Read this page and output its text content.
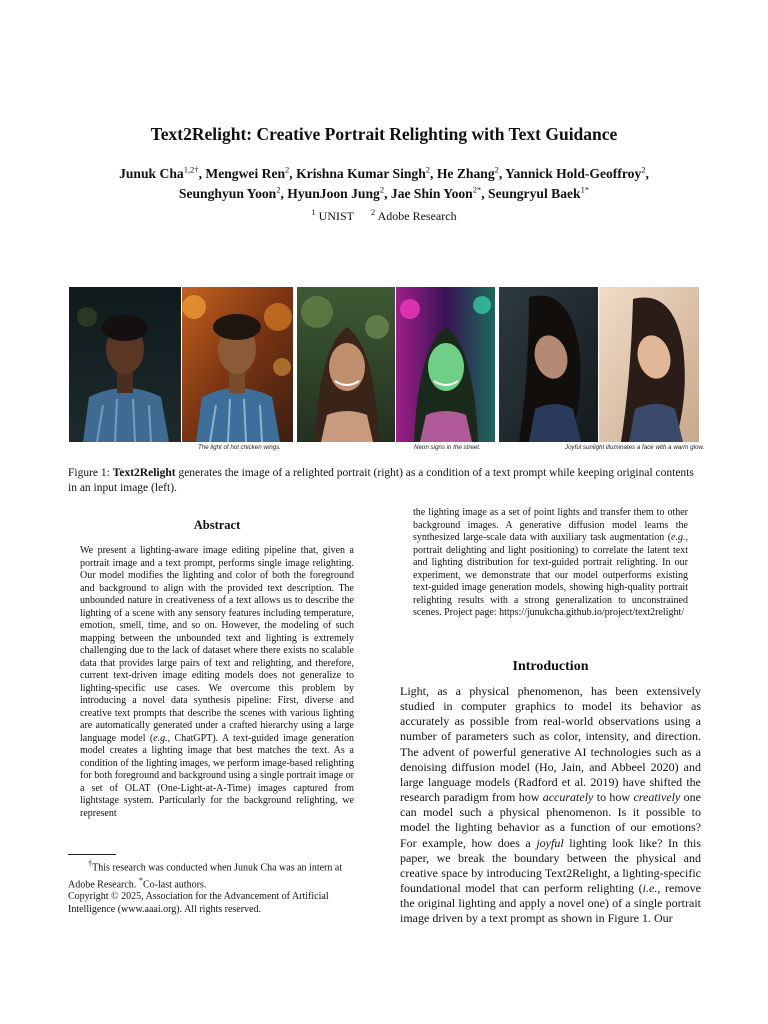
Text2Relight: Creative Portrait Relighting with Text Guidance
Junuk Cha$^{1,2\dagger}$, Mengwei Ren$^2$, Krishna Kumar Singh$^2$, He Zhang$^2$, Yannick Hold-Geoffroy$^2$,
Seunghyun Yoon$^2$, HyunJoon Jung$^2$, Jae Shin Yoon$^{2*}$, Seungryul Baek$^{1*}$
$^1$ UNIST $^2$ Adobe Research
The light of hot chicken wings.	Neon signs in the street.	Joyful sunlight illuminates a face with a warm glow.
Figure 1: Text2Relight generates the image of a relighted portrait (right) as a condition of a text prompt while keeping original contents in an input image (left).
Abstract
We present a lighting-aware image editing pipeline that, given a portrait image and a text prompt, performs single image relighting. Our model modifies the lighting and color of both the foreground and background to align with the provided text description. The unbounded nature in creativeness of a text allows us to describe the lighting of a scene with any sensory features including temperature, emotion, smell, time, and so on. However, the modeling of such mapping between the unbounded text and lighting is extremely challenging due to the lack of dataset where there exists no scalable data that provides large pairs of text and relighting, and therefore, current text-driven image editing models does not generalize to lighting-specific use cases. We overcome this problem by introducing a novel data synthesis pipeline: First, diverse and creative text prompts that describe the scenes with various lighting are automatically generated under a crafted hierarchy using a large language model (e.g., ChatGPT). A text-guided image generation model creates a lighting image that best matches the text. As a condition of the lighting images, we perform image-based relighting for both foreground and background using a single portrait image or a set of OLAT (One-Light-at-A-Time) images captured from lightstage system. Particularly for the background relighting, we represent
the lighting image as a set of point lights and transfer them to other background images. A generative diffusion model learns the synthesized large-scale data with auxiliary task augmentation (e.g., portrait delighting and light positioning) to correlate the latent text and lighting distribution for text-guided portrait relighting. In our experiment, we demonstrate that our model outperforms existing text-guided image generation models, showing high-quality portrait relighting results with a strong generalization to unconstrained scenes. Project page: https://junukcha.github.io/project/text2relight/

†This research was conducted when Junuk Cha was an intern at Adobe Research. *Co-last authors.

Copyright © 2025, Association for the Advancement of Artificial Intelligence (www.aaai.org). All rights reserved.

Introduction
Light, as a physical phenomenon, has been extensively studied in computer graphics to model its behavior as accurately as possible from real-world observations using a number of parameters such as color, intensity, and direction. The advent of powerful generative AI technologies such as a denoising diffusion model (Ho, Jain, and Abbeel 2020) and large language models (Radford et al. 2019) have shifted the research paradigm from how accurately to how creatively one can model such a physical phenomenon. Is it possible to model the lighting behavior as a function of our emotions? For example, how does a joyful lighting look like? In this paper, we break the boundary between the physical and creative space by introducing Text2Relight, a lighting-specific foundational model that can perform relighting (i.e., remove the original lighting and apply a novel one) of a single portrait image driven by a text prompt as shown in Figure 1. Our
